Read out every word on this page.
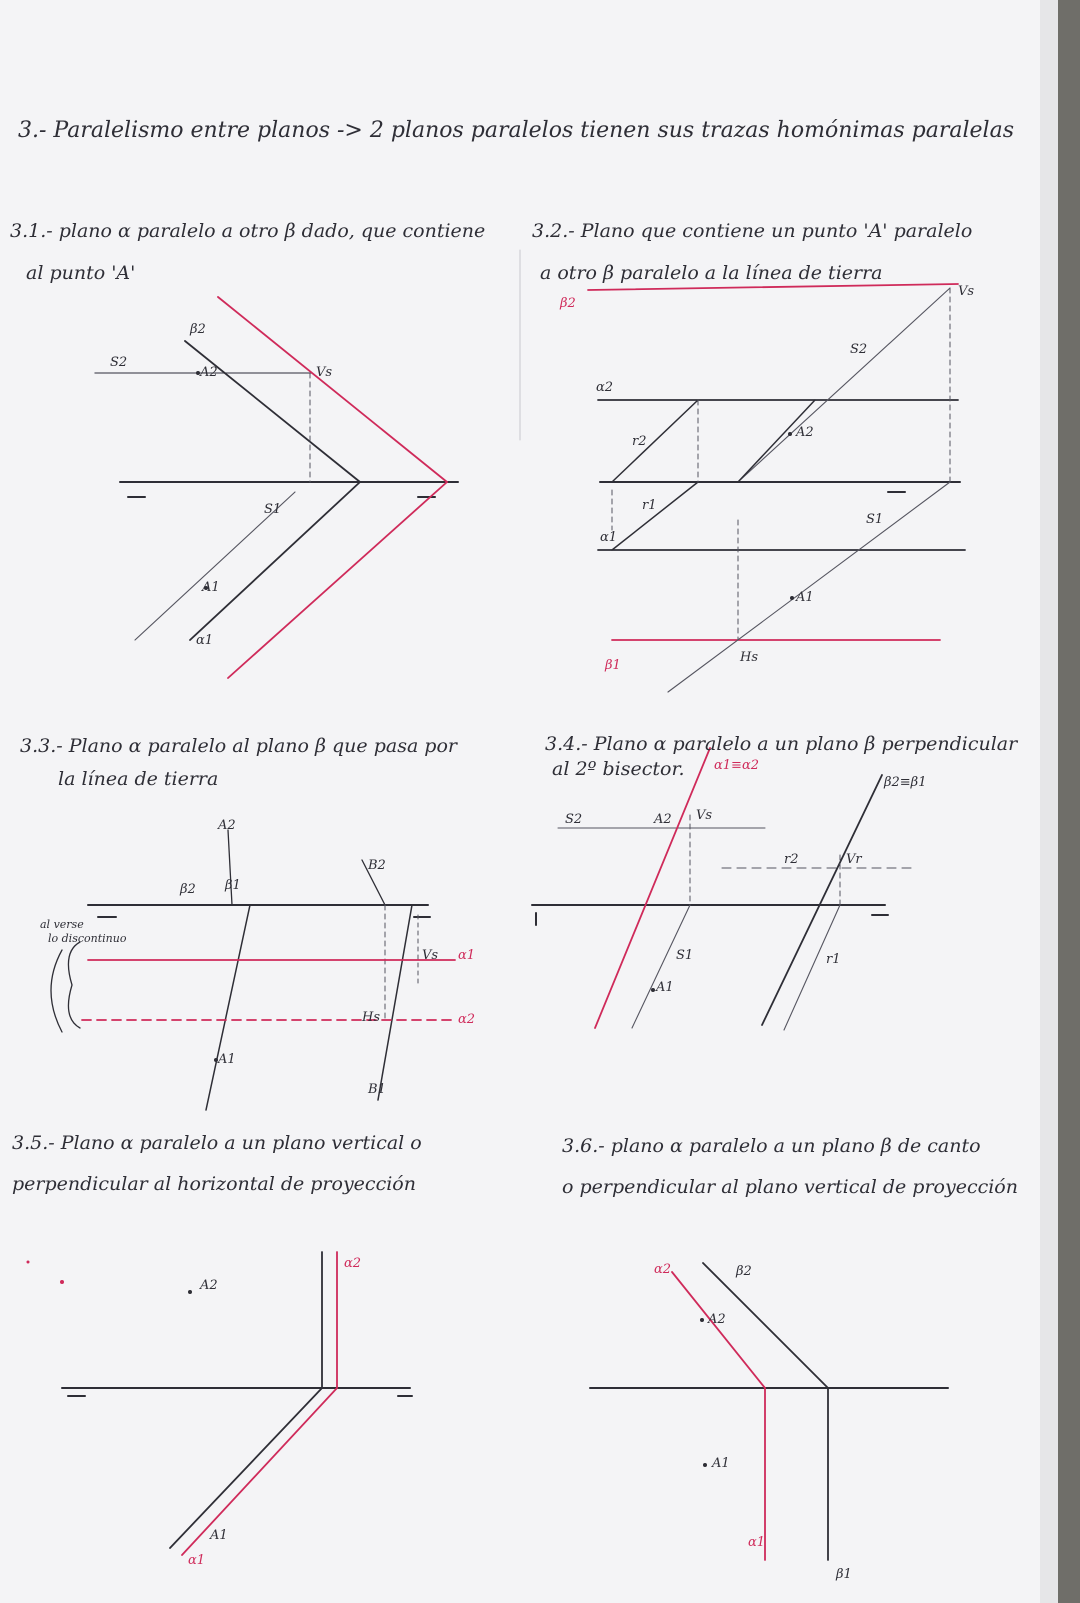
3.- Paralelismo entre planos -> 2 planos paralelos tienen sus trazas homónimas paralelas
3.1.- plano α paralelo a otro β dado, que contiene
al punto 'A'
3.2.- Plano que contiene un punto 'A' paralelo
a otro β paralelo a la línea de tierra
3.3.- Plano α paralelo al plano β que pasa por
la línea de tierra
3.4.- Plano α paralelo a un plano β perpendicular
al 2º bisector.
3.5.- Plano α paralelo a un plano vertical o
perpendicular al horizontal de proyección
3.6.- plano α paralelo a un plano β de canto
o perpendicular al plano vertical de proyección
S2
β2
A2	Vs
S1
A1
α1
β2
Vs
S2
α2
r2
A2
r1
α1
S1
A1
β1
Hs
A2
B2
β2 β1
al verse
lo discontinuo
Vs α1
Hs	α2
A1
B1
α1≡α2
β2≡β1
S2	A2 Vs
r2	Vr
S1
A1
r1
A2
α2
A1
α1
α2	β2
A2
A1
α1
β1
